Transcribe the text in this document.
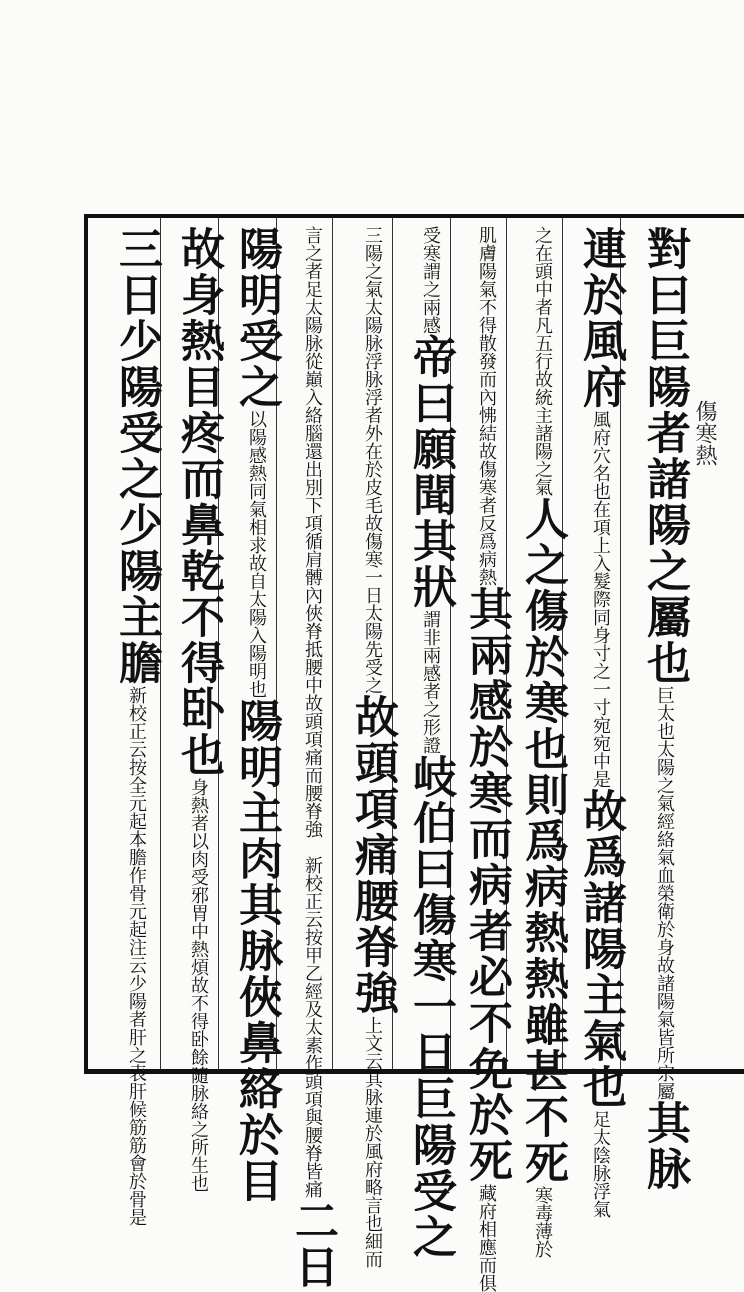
對曰巨陽者諸陽之屬也巨太也太陽之氣經絡氣血榮衛於身故諸陽氣皆所宗屬其脉
連於風府風府穴名也在項上入髮際同身寸之一寸宛宛中是故爲諸陽主氣也足太陰脉浮氣
之在頭中者凡五行故統主諸陽之氣人之傷於寒也則爲病熱熱雖甚不死寒毒薄於
肌膚陽氣不得散發而內怫結故傷寒者反爲病熱其兩感於寒而病者必不免於死藏府相應而俱
受寒謂之兩感帝曰願聞其狀謂非兩感者之形證岐伯曰傷寒一日巨陽受之
三陽之氣太陽脉浮脉浮者外在於皮毛故傷寒一日太陽先受之故頭項痛腰脊強上文云其脉連於風府略言也細而
言之者足太陽脉從巔入絡腦還出別下項循肩髆內俠脊抵腰中故頭項痛而腰脊強　新校正云按甲乙經及太素作頭項與腰脊皆痛二日
陽明受之以陽感熱同氣相求故自太陽入陽明也陽明主肉其脉俠鼻絡於目
故身熱目疼而鼻乾不得卧也身熱者以肉受邪胃中熱煩故不得卧餘隨脉絡之所生也
三日少陽受之少陽主膽新校正云按全元起本膽作骨元起注云少陽者肝之表肝候筋筋會於骨是
傷寒熱
